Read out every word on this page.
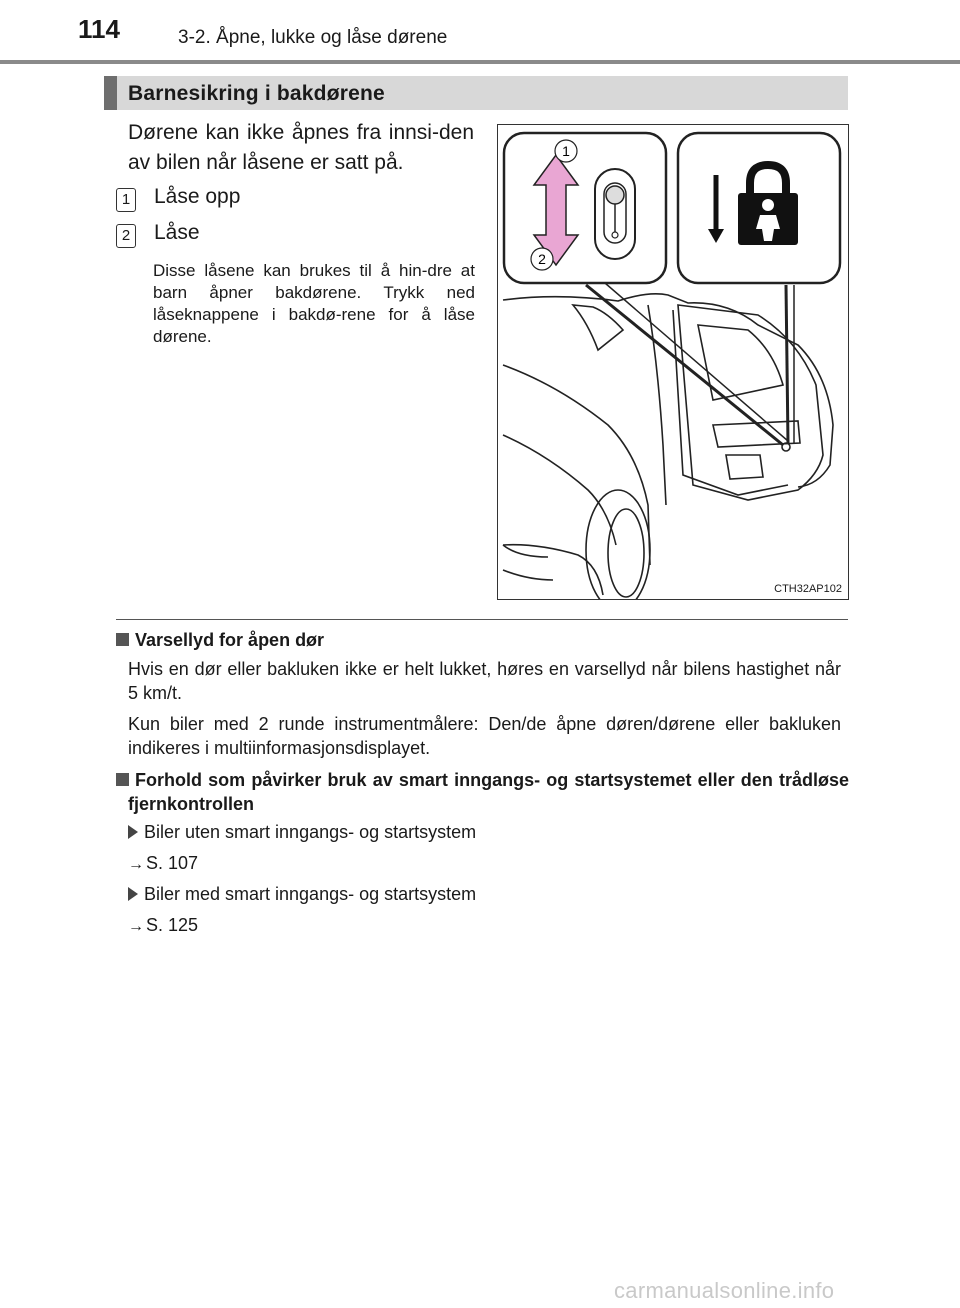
114	3-2. Åpne, lukke og låse dørene
Barnesikring i bakdørene
Dørene kan ikke åpnes fra innsi-den av bilen når låsene er satt på.
1 Låse opp
2 Låse
Disse låsene kan brukes til å hin-dre at barn åpner bakdørene. Trykk ned låseknappene i bakdø-rene for å låse dørene.
1
2
CTH32AP102
Varsellyd for åpen dør
Hvis en dør eller bakluken ikke er helt lukket, høres en varsellyd når bilens hastighet når 5 km/t.
Kun biler med 2 runde instrumentmålere: Den/de åpne døren/dørene eller bakluken indikeres i multiinformasjonsdisplayet.
Forhold som påvirker bruk av smart inngangs- og startsystemet eller den trådløse fjernkontrollen
Biler uten smart inngangs- og startsystem
→ S. 107
Biler med smart inngangs- og startsystem
→ S. 125
carmanualsonline.info
